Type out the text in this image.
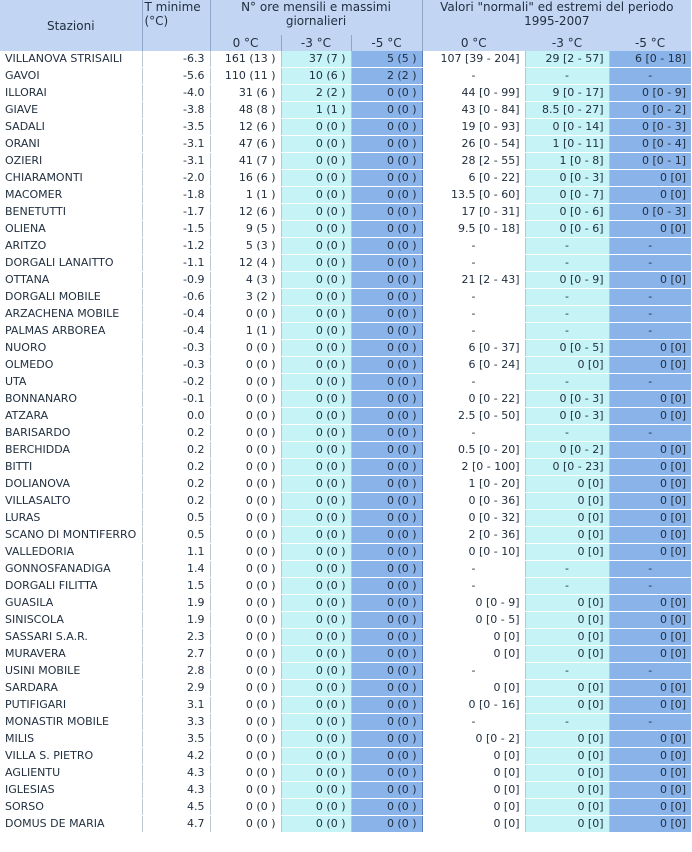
Stazioni	T minime (°C)	N° ore mensili e massimi giornalieri			Valori "normali" ed estremi del periodo 1995-2007		
		0 °C	-3 °C	-5 °C	0 °C	-3 °C	-5 °C
VILLANOVA STRISAILI	-6.3	161 (13 )	37 (7 )	5 (5 )	107 [39 - 204]	29 [2 - 57]	6 [0 - 18]
GAVOI	-5.6	110 (11 )	10 (6 )	2 (2 )	-	-	-
ILLORAI	-4.0	31 (6 )	2 (2 )	0 (0 )	44 [0 - 99]	9 [0 - 17]	0 [0 - 9]
GIAVE	-3.8	48 (8 )	1 (1 )	0 (0 )	43 [0 - 84]	8.5 [0 - 27]	0 [0 - 2]
SADALI	-3.5	12 (6 )	0 (0 )	0 (0 )	19 [0 - 93]	0 [0 - 14]	0 [0 - 3]
ORANI	-3.1	47 (6 )	0 (0 )	0 (0 )	26 [0 - 54]	1 [0 - 11]	0 [0 - 4]
OZIERI	-3.1	41 (7 )	0 (0 )	0 (0 )	28 [2 - 55]	1 [0 - 8]	0 [0 - 1]
CHIARAMONTI	-2.0	16 (6 )	0 (0 )	0 (0 )	6 [0 - 22]	0 [0 - 3]	0 [0]
MACOMER	-1.8	1 (1 )	0 (0 )	0 (0 )	13.5 [0 - 60]	0 [0 - 7]	0 [0]
BENETUTTI	-1.7	12 (6 )	0 (0 )	0 (0 )	17 [0 - 31]	0 [0 - 6]	0 [0 - 3]
OLIENA	-1.5	9 (5 )	0 (0 )	0 (0 )	9.5 [0 - 18]	0 [0 - 6]	0 [0]
ARITZO	-1.2	5 (3 )	0 (0 )	0 (0 )	-	-	-
DORGALI LANAITTO	-1.1	12 (4 )	0 (0 )	0 (0 )	-	-	-
OTTANA	-0.9	4 (3 )	0 (0 )	0 (0 )	21 [2 - 43]	0 [0 - 9]	0 [0]
DORGALI MOBILE	-0.6	3 (2 )	0 (0 )	0 (0 )	-	-	-
ARZACHENA MOBILE	-0.4	0 (0 )	0 (0 )	0 (0 )	-	-	-
PALMAS ARBOREA	-0.4	1 (1 )	0 (0 )	0 (0 )	-	-	-
NUORO	-0.3	0 (0 )	0 (0 )	0 (0 )	6 [0 - 37]	0 [0 - 5]	0 [0]
OLMEDO	-0.3	0 (0 )	0 (0 )	0 (0 )	6 [0 - 24]	0 [0]	0 [0]
UTA	-0.2	0 (0 )	0 (0 )	0 (0 )	-	-	-
BONNANARO	-0.1	0 (0 )	0 (0 )	0 (0 )	0 [0 - 22]	0 [0 - 3]	0 [0]
ATZARA	0.0	0 (0 )	0 (0 )	0 (0 )	2.5 [0 - 50]	0 [0 - 3]	0 [0]
BARISARDO	0.2	0 (0 )	0 (0 )	0 (0 )	-	-	-
BERCHIDDA	0.2	0 (0 )	0 (0 )	0 (0 )	0.5 [0 - 20]	0 [0 - 2]	0 [0]
BITTI	0.2	0 (0 )	0 (0 )	0 (0 )	2 [0 - 100]	0 [0 - 23]	0 [0]
DOLIANOVA	0.2	0 (0 )	0 (0 )	0 (0 )	1 [0 - 20]	0 [0]	0 [0]
VILLASALTO	0.2	0 (0 )	0 (0 )	0 (0 )	0 [0 - 36]	0 [0]	0 [0]
LURAS	0.5	0 (0 )	0 (0 )	0 (0 )	0 [0 - 32]	0 [0]	0 [0]
SCANO DI MONTIFERRO	0.5	0 (0 )	0 (0 )	0 (0 )	2 [0 - 36]	0 [0]	0 [0]
VALLEDORIA	1.1	0 (0 )	0 (0 )	0 (0 )	0 [0 - 10]	0 [0]	0 [0]
GONNOSFANADIGA	1.4	0 (0 )	0 (0 )	0 (0 )	-	-	-
DORGALI FILITTA	1.5	0 (0 )	0 (0 )	0 (0 )	-	-	-
GUASILA	1.9	0 (0 )	0 (0 )	0 (0 )	0 [0 - 9]	0 [0]	0 [0]
SINISCOLA	1.9	0 (0 )	0 (0 )	0 (0 )	0 [0 - 5]	0 [0]	0 [0]
SASSARI S.A.R.	2.3	0 (0 )	0 (0 )	0 (0 )	0 [0]	0 [0]	0 [0]
MURAVERA	2.7	0 (0 )	0 (0 )	0 (0 )	0 [0]	0 [0]	0 [0]
USINI MOBILE	2.8	0 (0 )	0 (0 )	0 (0 )	-	-	-
SARDARA	2.9	0 (0 )	0 (0 )	0 (0 )	0 [0]	0 [0]	0 [0]
PUTIFIGARI	3.1	0 (0 )	0 (0 )	0 (0 )	0 [0 - 16]	0 [0]	0 [0]
MONASTIR MOBILE	3.3	0 (0 )	0 (0 )	0 (0 )	-	-	-
MILIS	3.5	0 (0 )	0 (0 )	0 (0 )	0 [0 - 2]	0 [0]	0 [0]
VILLA S. PIETRO	4.2	0 (0 )	0 (0 )	0 (0 )	0 [0]	0 [0]	0 [0]
AGLIENTU	4.3	0 (0 )	0 (0 )	0 (0 )	0 [0]	0 [0]	0 [0]
IGLESIAS	4.3	0 (0 )	0 (0 )	0 (0 )	0 [0]	0 [0]	0 [0]
SORSO	4.5	0 (0 )	0 (0 )	0 (0 )	0 [0]	0 [0]	0 [0]
DOMUS DE MARIA	4.7	0 (0 )	0 (0 )	0 (0 )	0 [0]	0 [0]	0 [0]
